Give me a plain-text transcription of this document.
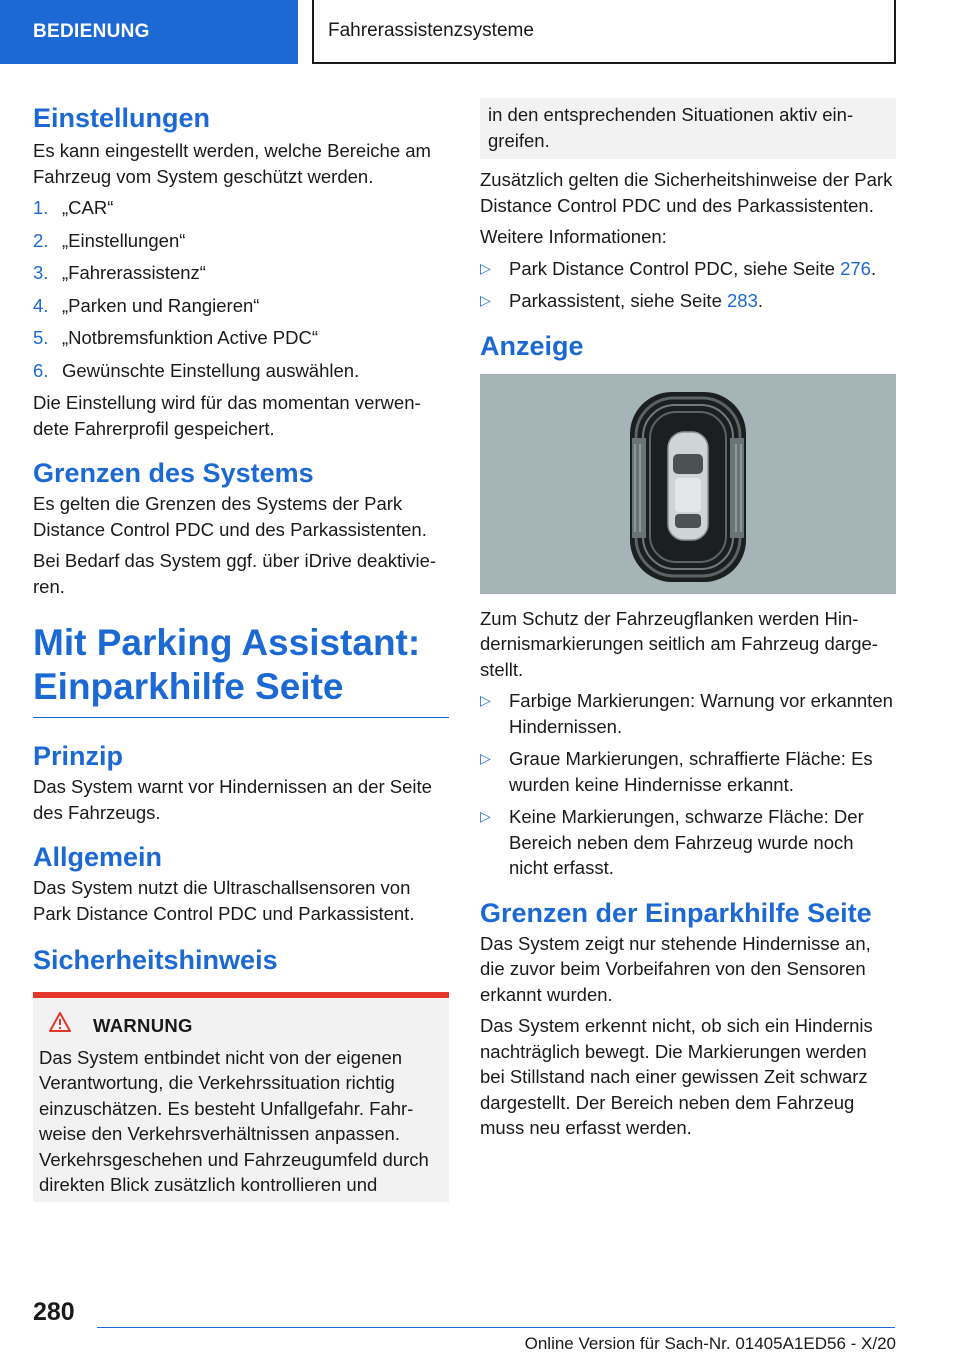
BEDIENUNG	Fahrerassistenzsysteme
Einstellungen

Es kann eingestellt werden, welche Bereiche am Fahrzeug vom System geschützt werden.

1. „CAR“
2. „Einstellungen“
3. „Fahrerassistenz“
4. „Parken und Rangieren“
5. „Notbremsfunktion Active PDC“
6. Gewünschte Einstellung auswählen.

Die Einstellung wird für das momentan verwendete Fahrerprofil gespeichert.

Grenzen des Systems

Es gelten die Grenzen des Systems der Park Distance Control PDC und des Parkassistenten.

Bei Bedarf das System ggf. über iDrive deaktivieren.

Mit Parking Assistant:
Einparkhilfe Seite
Prinzip

Das System warnt vor Hindernissen an der Seite des Fahrzeugs.

Allgemein

Das System nutzt die Ultraschallsensoren von Park Distance Control PDC und Parkassistent.

Sicherheitshinweis
WARNUNG
Das System entbindet nicht von der eigenen Verantwortung, die Verkehrssituation richtig einzuschätzen. Es besteht Unfallgefahr. Fahrweise den Verkehrsverhältnissen anpassen. Verkehrsgeschehen und Fahrzeugumfeld durch direkten Blick zusätzlich kontrollieren und
in den entsprechenden Situationen aktiv eingreifen.

Zusätzlich gelten die Sicherheitshinweise der Park Distance Control PDC und des Parkassistenten.

Weitere Informationen:

▷ Park Distance Control PDC, siehe Seite 276.
▷ Parkassistent, siehe Seite 283.
Anzeige

Zum Schutz der Fahrzeugflanken werden Hindernismarkierungen seitlich am Fahrzeug dargestellt.

▷ Farbige Markierungen: Warnung vor erkannten Hindernissen.
▷ Graue Markierungen, schraffierte Fläche: Es wurden keine Hindernisse erkannt.
▷ Keine Markierungen, schwarze Fläche: Der Bereich neben dem Fahrzeug wurde noch nicht erfasst.
Grenzen der Einparkhilfe Seite

Das System zeigt nur stehende Hindernisse an, die zuvor beim Vorbeifahren von den Sensoren erkannt wurden.

Das System erkennt nicht, ob sich ein Hindernis nachträglich bewegt. Die Markierungen werden bei Stillstand nach einer gewissen Zeit schwarz dargestellt. Der Bereich neben dem Fahrzeug muss neu erfasst werden.

280
Online Version für Sach-Nr. 01405A1ED56 - X/20
